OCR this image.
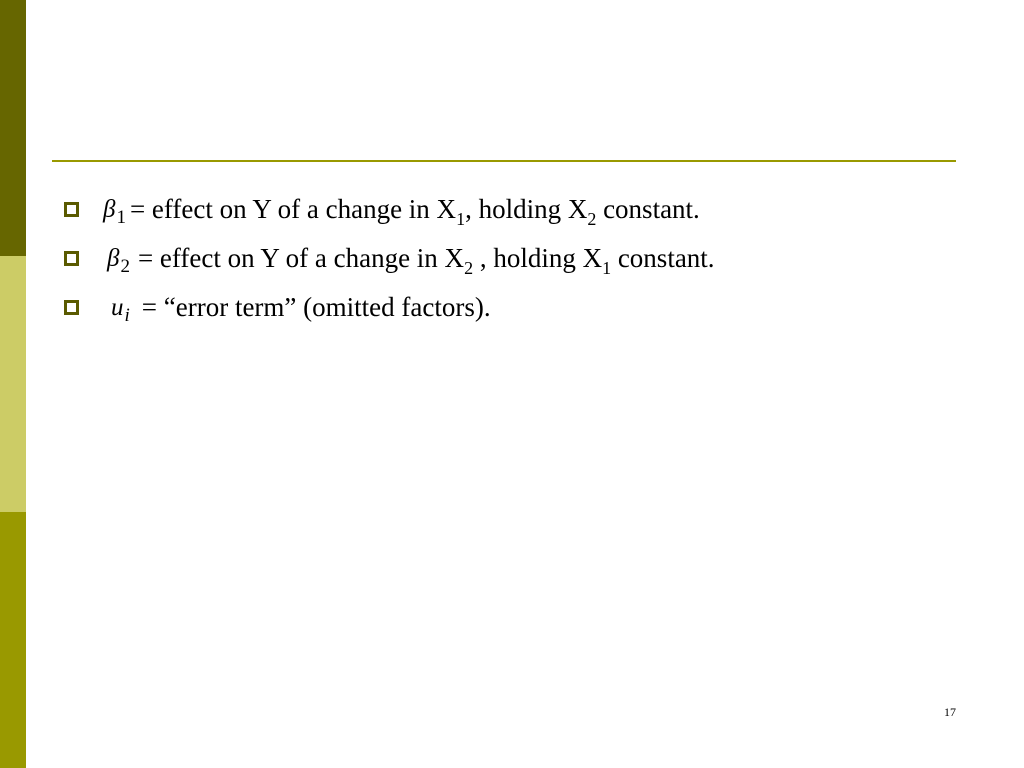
$\beta_1$ = effect on Y of a change in $X_1$, holding $X_2$ constant.
$\beta_2$ = effect on Y of a change in $X_2$ , holding $X_1$ constant.
$u_i$ = “error term” (omitted factors).
17
